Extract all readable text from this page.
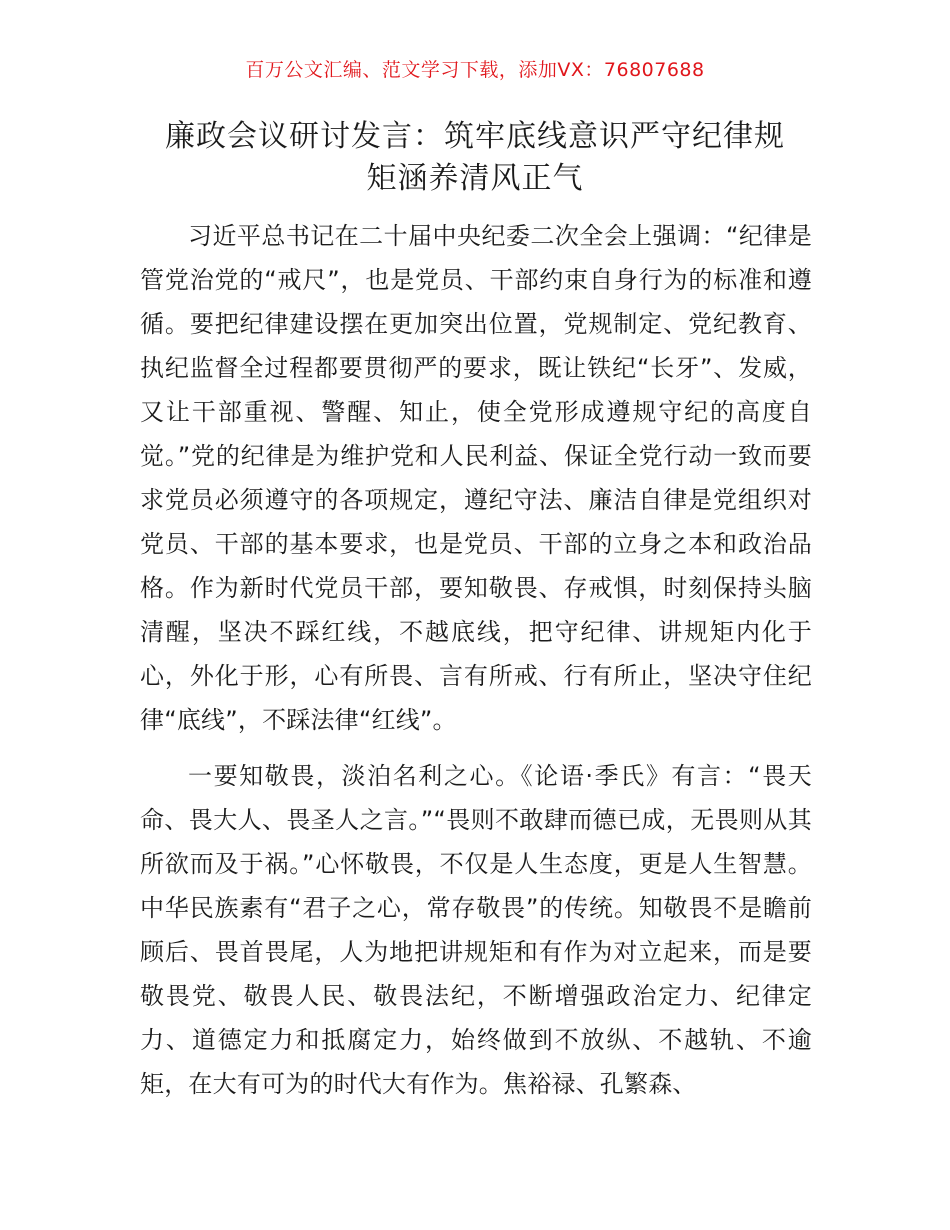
百万公文汇编、范文学习下载，添加VX：76807688
廉政会议研讨发言：筑牢底线意识严守纪律规
矩涵养清风正气

习近平总书记在二十届中央纪委二次全会上强调：“纪律是管党治党的“戒尺”，也是党员、干部约束自身行为的标准和遵循。要把纪律建设摆在更加突出位置，党规制定、党纪教育、执纪监督全过程都要贯彻严的要求，既让铁纪“长牙”、发威，又让干部重视、警醒、知止，使全党形成遵规守纪的高度自觉。”党的纪律是为维护党和人民利益、保证全党行动一致而要求党员必须遵守的各项规定，遵纪守法、廉洁自律是党组织对党员、干部的基本要求，也是党员、干部的立身之本和政治品格。作为新时代党员干部，要知敬畏、存戒惧，时刻保持头脑清醒，坚决不踩红线，不越底线，把守纪律、讲规矩内化于心，外化于形，心有所畏、言有所戒、行有所止，坚决守住纪律“底线”，不踩法律“红线”。

一要知敬畏，淡泊名利之心。《论语·季氏》有言：“畏天命、畏大人、畏圣人之言。”“畏则不敢肆而德已成，无畏则从其所欲而及于祸。”心怀敬畏，不仅是人生态度，更是人生智慧。中华民族素有“君子之心，常存敬畏”的传统。知敬畏不是瞻前顾后、畏首畏尾，人为地把讲规矩和有作为对立起来，而是要敬畏党、敬畏人民、敬畏法纪，不断增强政治定力、纪律定力、道德定力和抵腐定力，始终做到不放纵、不越轨、不逾矩，在大有可为的时代大有作为。焦裕禄、孔繁森、
